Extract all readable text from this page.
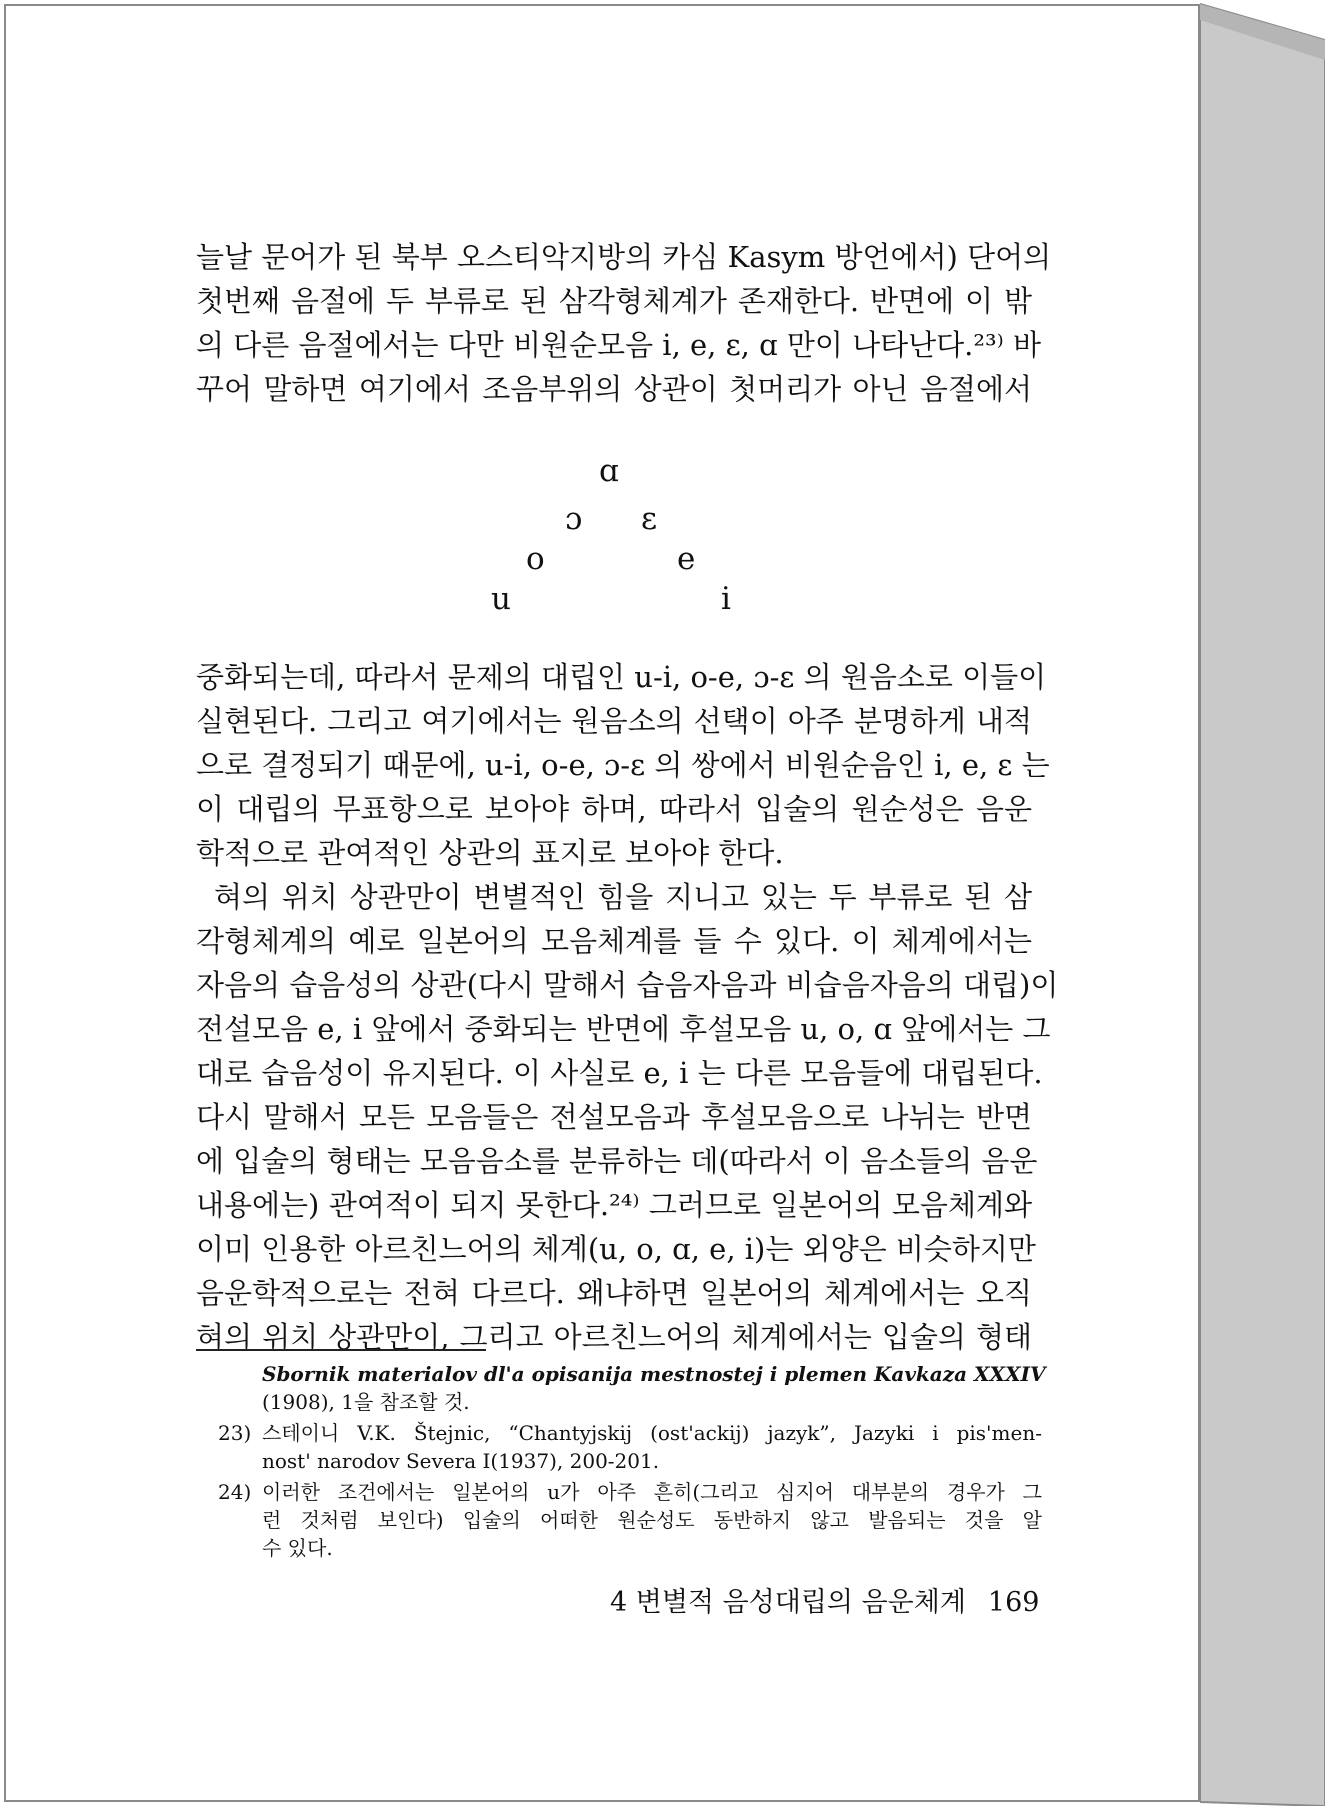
늘날 문어가 된 북부 오스티악지방의 카심 Kasym 방언에서) 단어의
첫번째 음절에 두 부류로 된 삼각형체계가 존재한다. 반면에 이 밖
의 다른 음절에서는 다만 비원순모음 i, e, ε, ɑ 만이 나타난다.²³⁾ 바
꾸어 말하면 여기에서 조음부위의 상관이 첫머리가 아닌 음절에서
ɑ
ɔ ε
o	e
u	i
중화되는데, 따라서 문제의 대립인 u-i, o-e, ɔ-ε 의 원음소로 이들이
실현된다. 그리고 여기에서는 원음소의 선택이 아주 분명하게 내적
으로 결정되기 때문에, u-i, o-e, ɔ-ε 의 쌍에서 비원순음인 i, e, ε 는
이 대립의 무표항으로 보아야 하며, 따라서 입술의 원순성은 음운
학적으로 관여적인 상관의 표지로 보아야 한다.
혀의 위치 상관만이 변별적인 힘을 지니고 있는 두 부류로 된 삼
각형체계의 예로 일본어의 모음체계를 들 수 있다. 이 체계에서는
자음의 습음성의 상관(다시 말해서 습음자음과 비습음자음의 대립)이
전설모음 e, i 앞에서 중화되는 반면에 후설모음 u, o, ɑ 앞에서는 그
대로 습음성이 유지된다. 이 사실로 e, i 는 다른 모음들에 대립된다.
다시 말해서 모든 모음들은 전설모음과 후설모음으로 나뉘는 반면
에 입술의 형태는 모음음소를 분류하는 데(따라서 이 음소들의 음운
내용에는) 관여적이 되지 못한다.²⁴⁾ 그러므로 일본어의 모음체계와
이미 인용한 아르친느어의 체계(u, o, ɑ, e, i)는 외양은 비슷하지만
음운학적으로는 전혀 다르다. 왜냐하면 일본어의 체계에서는 오직
혀의 위치 상관만이, 그리고 아르친느어의 체계에서는 입술의 형태
Sbornik materialov dl'a opisanija mestnostej i plemen Kavkaza XXXIV
(1908), 1을 참조할 것.
23) 스테이니 V.K. Štejnic, “Chantyjskij (ost'ackij) jazyk”, Jazyki i pis'men-
nost' narodov Severa Ⅰ(1937), 200-201.
24) 이러한 조건에서는 일본어의 u가 아주 흔히(그리고 심지어 대부분의 경우가 그
런 것처럼 보인다) 입술의 어떠한 원순성도 동반하지 않고 발음되는 것을 알
수 있다.
4 변별적 음성대립의 음운체계 169
